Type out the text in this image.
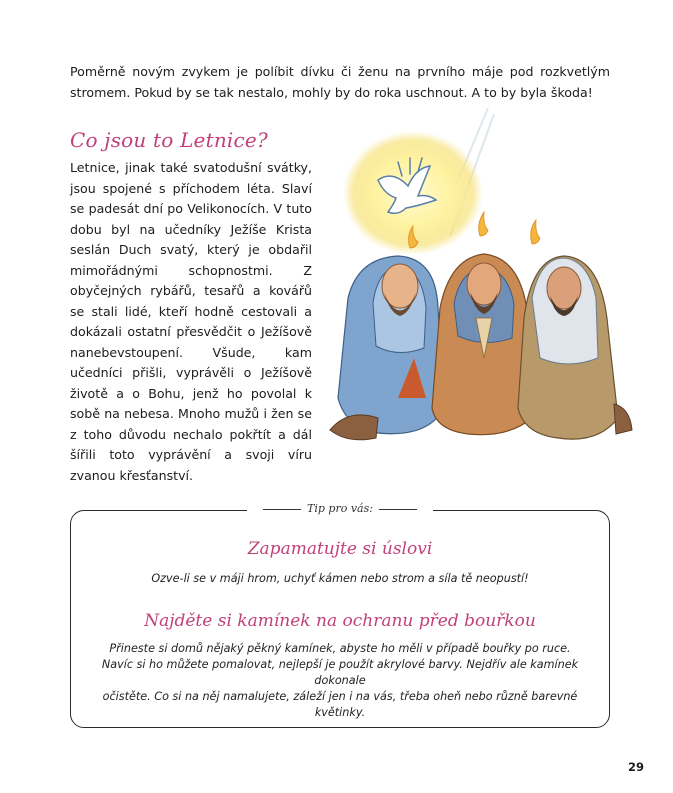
Poměrně novým zvykem je políbit dívku či ženu na prvního máje pod rozkvetlým stromem. Pokud by se tak nestalo, mohly by do roka uschnout. A to by byla škoda!

Co jsou to Letnice?

Letnice, jinak také svatodušní svátky, jsou spojené s příchodem léta. Slaví se padesát dní po Velikonocích. V tuto dobu byl na učedníky Ježíše Krista seslán Duch svatý, který je obdařil mimořádnými schopnostmi. Z obyčejných rybářů, tesařů a kovářů se stali lidé, kteří hodně cestovali a dokázali ostatní přesvědčit o Ježíšově nanebevstoupení. Všude, kam učedníci přišli, vyprávěli o Ježíšově životě a o Bohu, jenž ho povolal k sobě na nebesa. Mnoho mužů i žen se z toho důvodu nechalo pokřtít a dál šířili toto vyprávění a svoji víru zvanou křesťanství.

Tip pro vás:
Zapamatujte si úslovi

Ozve-li se v máji hrom, uchyť kámen nebo strom a síla tě neopustí!

Najděte si kamínek na ochranu před bouřkou

Přineste si domů nějaký pěkný kamínek, abyste ho měli v případě bouřky po ruce.
Navíc si ho můžete pomalovat, nejlepší je použít akrylové barvy. Nejdřív ale kamínek dokonale
očistěte. Co si na něj namalujete, záleží jen i na vás, třeba oheň nebo různě barevné květinky.

29
